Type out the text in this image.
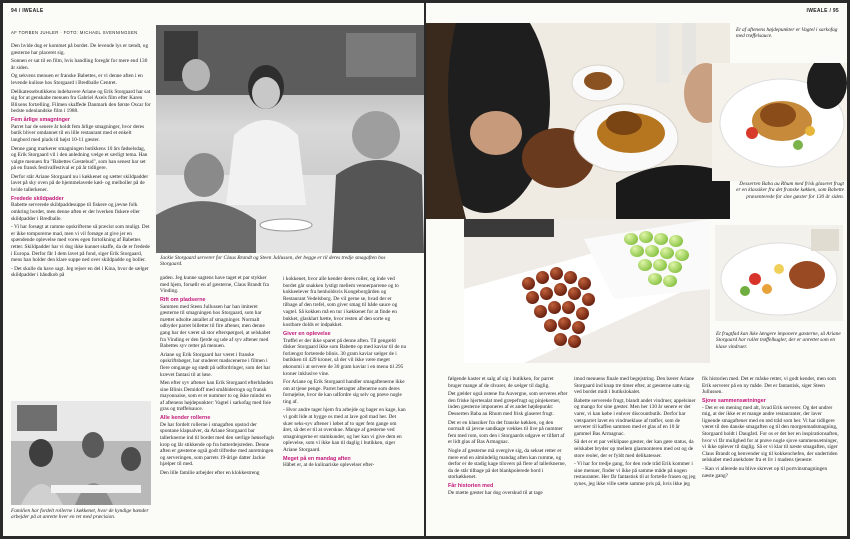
94 / IWEALE
AF TORBEN JUHLER · FOTO: MICHAEL SVENNINGSEN

Den hvide dug er kommet på bordet. De levende lys er tændt, og gæsterne har placeret sig.

Sonnen er sat til en film, hvis handling foregår for mere end 130 år siden.

Og sekvens menuen er franske Babettes, er vi denne aften i en levende kulisse hos Storgaard i Bredballe Centret.

Delikatessebutikkens indehavere Ariane og Erik Storgaard har sat sig for at genskabe menuen fra Gabriel Axels film efter Karen Blixens fortælling. Filmen skaffede Danmark den første Oscar for bedste udenlandske film i 1988.

Fem årlige smagninger

Parret har de senere år holdt fem årlige smagninger, hvor deres butik bliver omdannet til en lille restaurant med et enkelt langbord med plads til højst 10-11 gæster.

Denne gang markerer smagningen butikkens 10 års fødselsdag, og Erik Storgaard vil i den anledning vælge et særligt tema. Han valgte menuen fra "Babettes Gæstebud", som han senest har set på en fransk festivalfestival er på år tidligere.

Derfor står Ariane Storgaard nu i køkkenet og sætter skildpadder lavet på sky oven på de hjemmelavede kød- og melboller på de hvide tallerkener.

Fredede skildpadder

Babette serverede skildpaddesuppe til fiskere og jævne folk omkring bordet, men denne aften er der hverken fiskere eller skildpadder i Bredballe.

- Vi har forsøgt at ramme opskrifterne så præcist som muligt. Det er ikke tomporerne mad, men vi vil forsøge at give jer en spændende oplevelse med vores egen fortolkning af Babettes retter. Skildpadder har vi dog ikke kunnet skaffe, da de er fredede i Europa. Derfor får I dem lavet på fond, siger Erik Storgaard, mens han holder den klare suppe ned over skildpadde og boller.

- Det skulle du have sagt. Jeg rejser en del i Kina, hvor de sælger skildpadder i håndkob på

Jackie Storgaard serverer for Claus Brandt og Steen Jullussen, der begge er til deres tredje smagaften hos Storgaard.

gaden. Jeg kunne sagtens have taget et par stykker med hjem, forsøllr en af gæsterne, Claus Brandt fra Vinding.

Rift om pladserne

Sammen med Steen Jullussen har han imiteret gæsterne til smagningen hos Storgaard, som har mættet udsolte antallet af smagninger. Normalt udbyder parret billetter til fire aftener, men denne gang har der været så stor efterspørgsel, at selskabet fra Vinding er den fjerde og ude af syv aftener med Babettes syv retter på menuen.

Ariane og Erik Storgaard har været i franske opskriftsbøger, har studeret madscenerne i filmen i flere omgange og stødt på udfordringer, som det har krævet fantasi til at løse.

Men efter syv aftener kan Erik Storgaard efterhånden sine Blinis Demidoff med småbiderrogn og fransk mayonnaise, som er et nummer to og ikke mindst en af aftenens højdepunkter: Vagtel i sarkofag med foie gras og trøffelsauce.

Alle kender rollerne

De har fordelt rollerne i smagaften opstod der spontane klapsalver, da Ariane Storgaard bar tallerknerne ind til bordet med den særlige hønsefugls krop og lår stikkende op fra butterdejsreden. Denne aften er gæsterne også godt tilfredse med anretningen og serveringen, som parrets 19-årige datter Jackie hjælper til med.

Den lille familie arbejder efter en klokkestreng

Familien har fordelt rollerne i køkkenet, hvor de kyndige hænder arbejder på at anrette hver en ret med præcision.
IWEALE / 95
Et af aftenens højdepunkter er Vagtel i sarkofag med trøffelsauce.
Desserten Baba au Rhum med frisk glaseret frugt er en klassiker fra det franske køkken, som Babette præsenterede for sine gæster for 130 år siden.
Et frugtfad kan ikke længere imponere gæsterne, så Ariane Storgaard har rullet trøffelkugler, der er anrettet som en klase vindruer.

i kokkenet, hvor alle kender deres roller, og inde ved bordet går snakken lystigt mellem vennerparrene og to kokkeelever fra henholdsvis Kongeborgården og Restaurant Vedelsborg. De vil gerne se, hvad der er tilbage af den trefel, som giver smag til både sauce og vagtel. Så kokken må en tur i køkkenet for at finde en bukket, glasklart hætte, hvor resten af den sorte og kostbare dolds er indpakket.

Giver en oplevelse

Trøffel er der ikke sparet på denne aften. Til gengæld disker Storgaard ikke som Babette op med kaviar til de nu forlængst fortærede blinis. 30 gram kaviar sælger de i butikken til 429 kroner, så der vil ikke være meget økonomi i at servere de 30 gram kaviar i en menu til 295 kroner inklusive vine.

For Ariane og Erik Storgaard handler smagaftenerne ikke om at tjene penge. Parret betragter aftenerne som deres fornøjelse, hvor de kan udfordre sig selv og prøve nogle ting af.

- Hvor andre tager hjem fra arbejde og bager en kage, kan vi godt lide at hygge os med at lave god mad her. Det skær seks-syv aftener i løbet af to uger fem gange om året, så det er til at overskue. Mange af gæsterne ved smagningerne er stamkunder, og her kan vi give dem en oplevelse, som vi ikke kan til daglig i butikken, siger Ariane Storgaard.

Meget på en mandag aften

Håbet er, at de kulinariske oplevelser efter-

følgende kaster et salg af sig i butikken, for parret bruger mange af de råvarer, de sælger til daglig.

Det gælder også ostene fra Auvergne, som serveres efter den friske hjertesalat med græpefrugt og pinjekerner, inden gæsterne imponeres af et andet højdepunkt: Desserten Baba au Rhum med frisk glaseret frugt.

Det er en klassiker fra det franske køkken, og den normalt så jævne sandkage vækkes til live på nummer fem med rom, som den i Storgaards udgave er tilført af et lidt glas af Bas Armagnac.

Nogle af gæsterne må overgive sig, da sekset retter er mere end en almindelig mandag aften kan rumme, og derfor er de stadig kage tilovers på flere af tallerknerne, da de står tilbage på det blankpolerede bord i storkøkkenet.

Får historien med

De mætte gæster har dog overskud til at tage

imod menuens finale med begejstring. Den bærer Ariane Storgaard ind knap tre timer efter, at gæsterne satte sig ved bordet midt i butikslokalet.

Babette serverede frugt, blandt andet vindruer, appelsiner og mango for sine gæster. Men her 130 år senere er det varer, vi kan købe i enhver discountbutik. Derfor har vætsparret lavet en vindrueklase af trøfler, som de serverer til kaffen sammen med et glas af en 10 år gammel Bas Armagnac.

Så det er et par velklipase gæster, der kan gøre status, da selskabet bryder op mellem glasmonteren med ost og de store reoler, der er fyldt med delikatesser.

- Vi har for tredje gang, for den rode tråd Erik kommer i sine menuer, finder vi ikke på samme måde på nogen restauranter. Her får fantastisk til at fortælle frasen og jeg synes, jeg ikke ville sætte samme pris på, hvis ikke jeg

fik historien med. Det er måske retter, vi godt kender, men som Erik serverer på en ny måde. Det er fantastisk, siger Steen Jullussen.

Sjove sammensætninger

- Det er en mening med alt, hvad Erik serverer. Og det undrer mig, at der ikke er et mange andre restauranter, der laver lignende smagaftener med en rød tråd som her. Vi har tidligere været til den danske smagaften og til den morgenmadsmagning, Storgaard holdt i Daugård. For os er det her en inspirationsaften, hvor vi får mulighed for at prøve nogle sjove sammensætninger, vi ikke oplever til daglig. Så er vi klar til næste smagaften, siger Claus Brandt og henvender sig til kokkenchefen, der undertiden selskabet med anekdoter fra et liv i madens tjeneste:

- Kan vi allerede nu blive skrevet op til portvinsmagningen næste gang?
